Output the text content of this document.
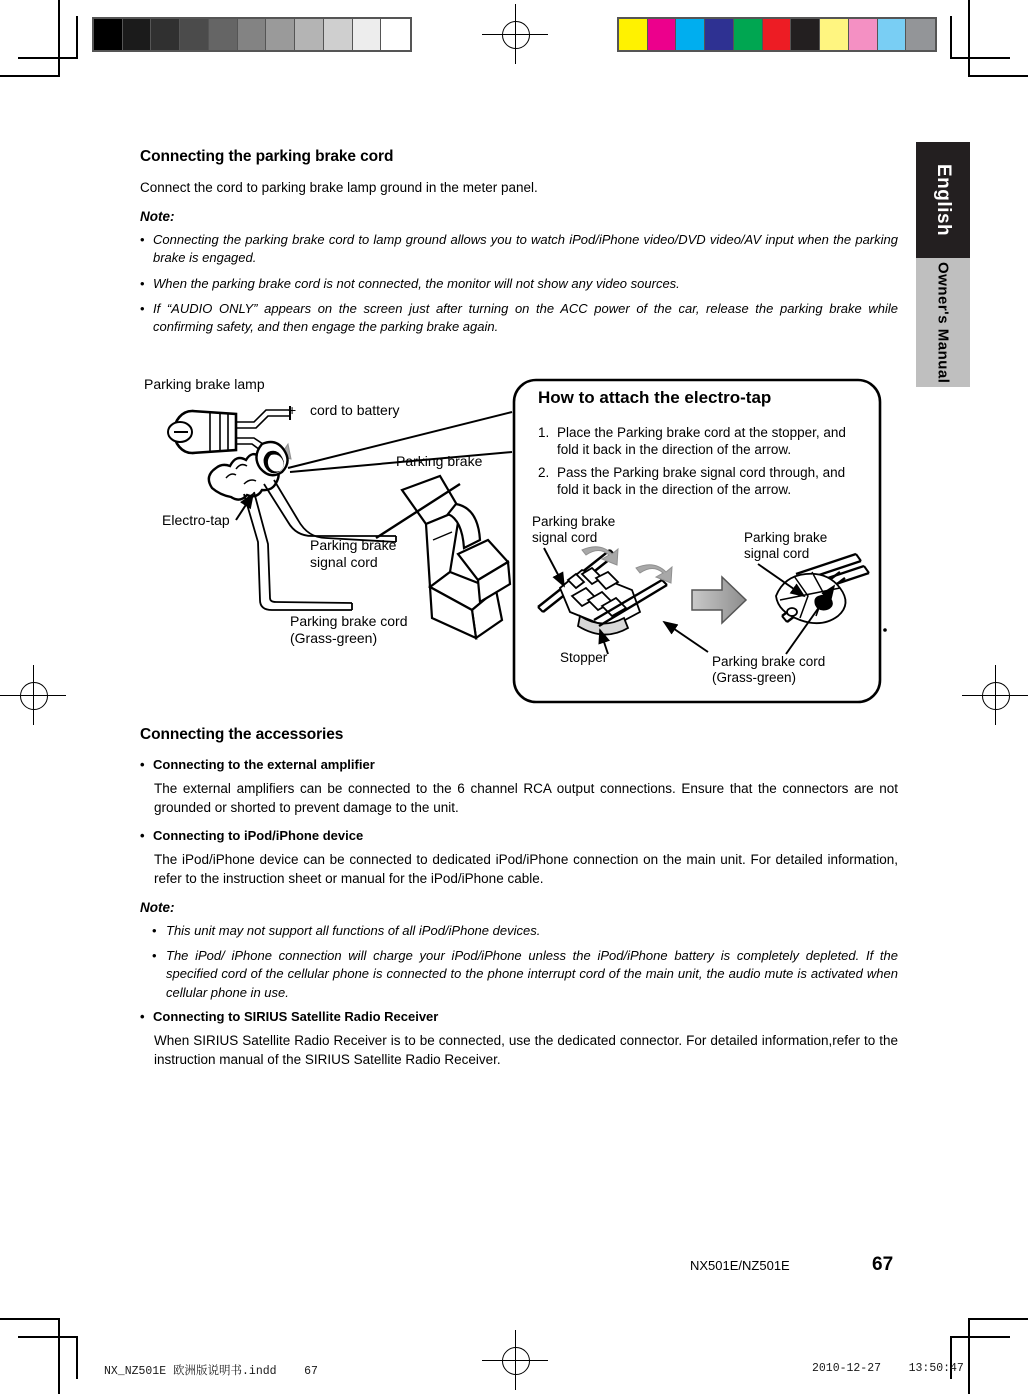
English
Owner's Manual
Connecting the parking brake cord

Connect the cord to parking brake lamp ground in the meter panel.

Note:
• Connecting the parking brake cord to lamp ground allows you to watch iPod/iPhone video/DVD video/AV input when the parking brake is engaged.
• When the parking brake cord is not connected, the monitor will not show any video sources.
• If “AUDIO ONLY” appears on the screen just after turning on the ACC power of the car, release the parking brake while confirming safety, and then engage the parking brake again.
Parking brake lamp
+ cord to battery
Electro-tap
Parking brake
Parking brake
signal cord
Parking brake cord
(Grass-green)
How to attach the electro-tap
1. Place the Parking brake cord at the stopper, and
fold it back in the direction of the arrow.
2. Pass the Parking brake signal cord through, and
fold it back in the direction of the arrow.
Parking brake
signal cord	Parking brake
signal cord
Stopper	Parking brake cord
(Grass-green)
Connecting the accessories
• Connecting to the external amplifier

The external amplifiers can be connected to the 6 channel RCA output connections. Ensure that the connectors are not grounded or shorted to prevent damage to the unit.

• Connecting to iPod/iPhone device

The iPod/iPhone device can be connected to dedicated iPod/iPhone connection on the main unit. For detailed information, refer to the instruction sheet or manual for the iPod/iPhone cable.

Note:
• This unit may not support all functions of all iPod/iPhone devices.
• The iPod/ iPhone connection will charge your iPod/iPhone unless the iPod/iPhone battery is completely depleted. If the specified cord of the cellular phone is connected to the phone interrupt cord of the main unit, the audio mute is activated when cellular phone in use.
• Connecting to SIRIUS Satellite Radio Receiver

When SIRIUS Satellite Radio Receiver is to be connected, use the dedicated connector. For detailed information,refer to the instruction manual of the SIRIUS Satellite Radio Receiver.

NX501E/NZ501E	67
NX_NZ501E 欧洲版说明书.indd    67	2010-12-27    13:50:47
